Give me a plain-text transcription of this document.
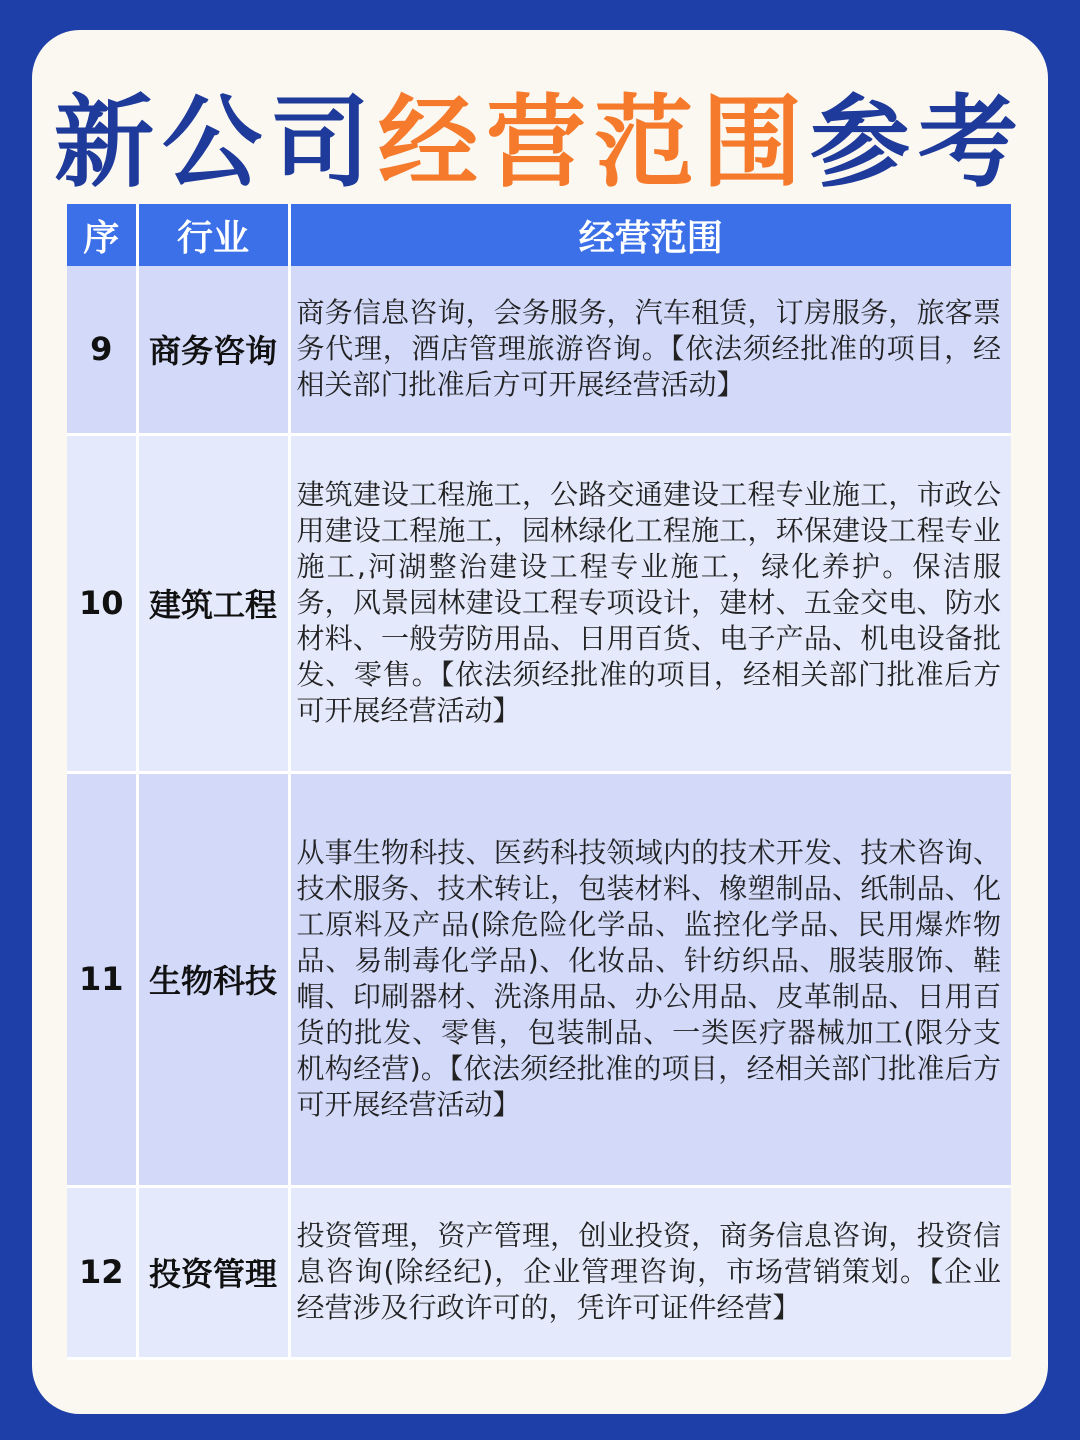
新公司经营范围参考
序	行业	经营范围
9	商务咨询	商务信息咨询，会务服务，汽车租赁，订房服务，旅客票务代理，酒店管理旅游咨询。【依法须经批准的项目，经相关部门批准后方可开展经营活动】
10	建筑工程	建筑建设工程施工，公路交通建设工程专业施工，市政公用建设工程施工，园林绿化工程施工，环保建设工程专业施工,河湖整治建设工程专业施工，绿化养护。保洁服务，风景园林建设工程专项设计，建材、五金交电、防水材料、一般劳防用品、日用百货、电子产品、机电设备批发、零售。【依法须经批准的项目，经相关部门批准后方可开展经营活动】
11	生物科技	从事生物科技、医药科技领域内的技术开发、技术咨询、技术服务、技术转让，包装材料、橡塑制品、纸制品、化工原料及产品(除危险化学品、监控化学品、民用爆炸物品、易制毒化学品)、化妆品、针纺织品、服装服饰、鞋帽、印刷器材、洗涤用品、办公用品、皮革制品、日用百货的批发、零售，包装制品、一类医疗器械加工(限分支机构经营)。【依法须经批准的项目，经相关部门批准后方可开展经营活动】
12	投资管理	投资管理，资产管理，创业投资，商务信息咨询，投资信息咨询(除经纪)，企业管理咨询，市场营销策划。【企业经营涉及行政许可的，凭许可证件经营】
